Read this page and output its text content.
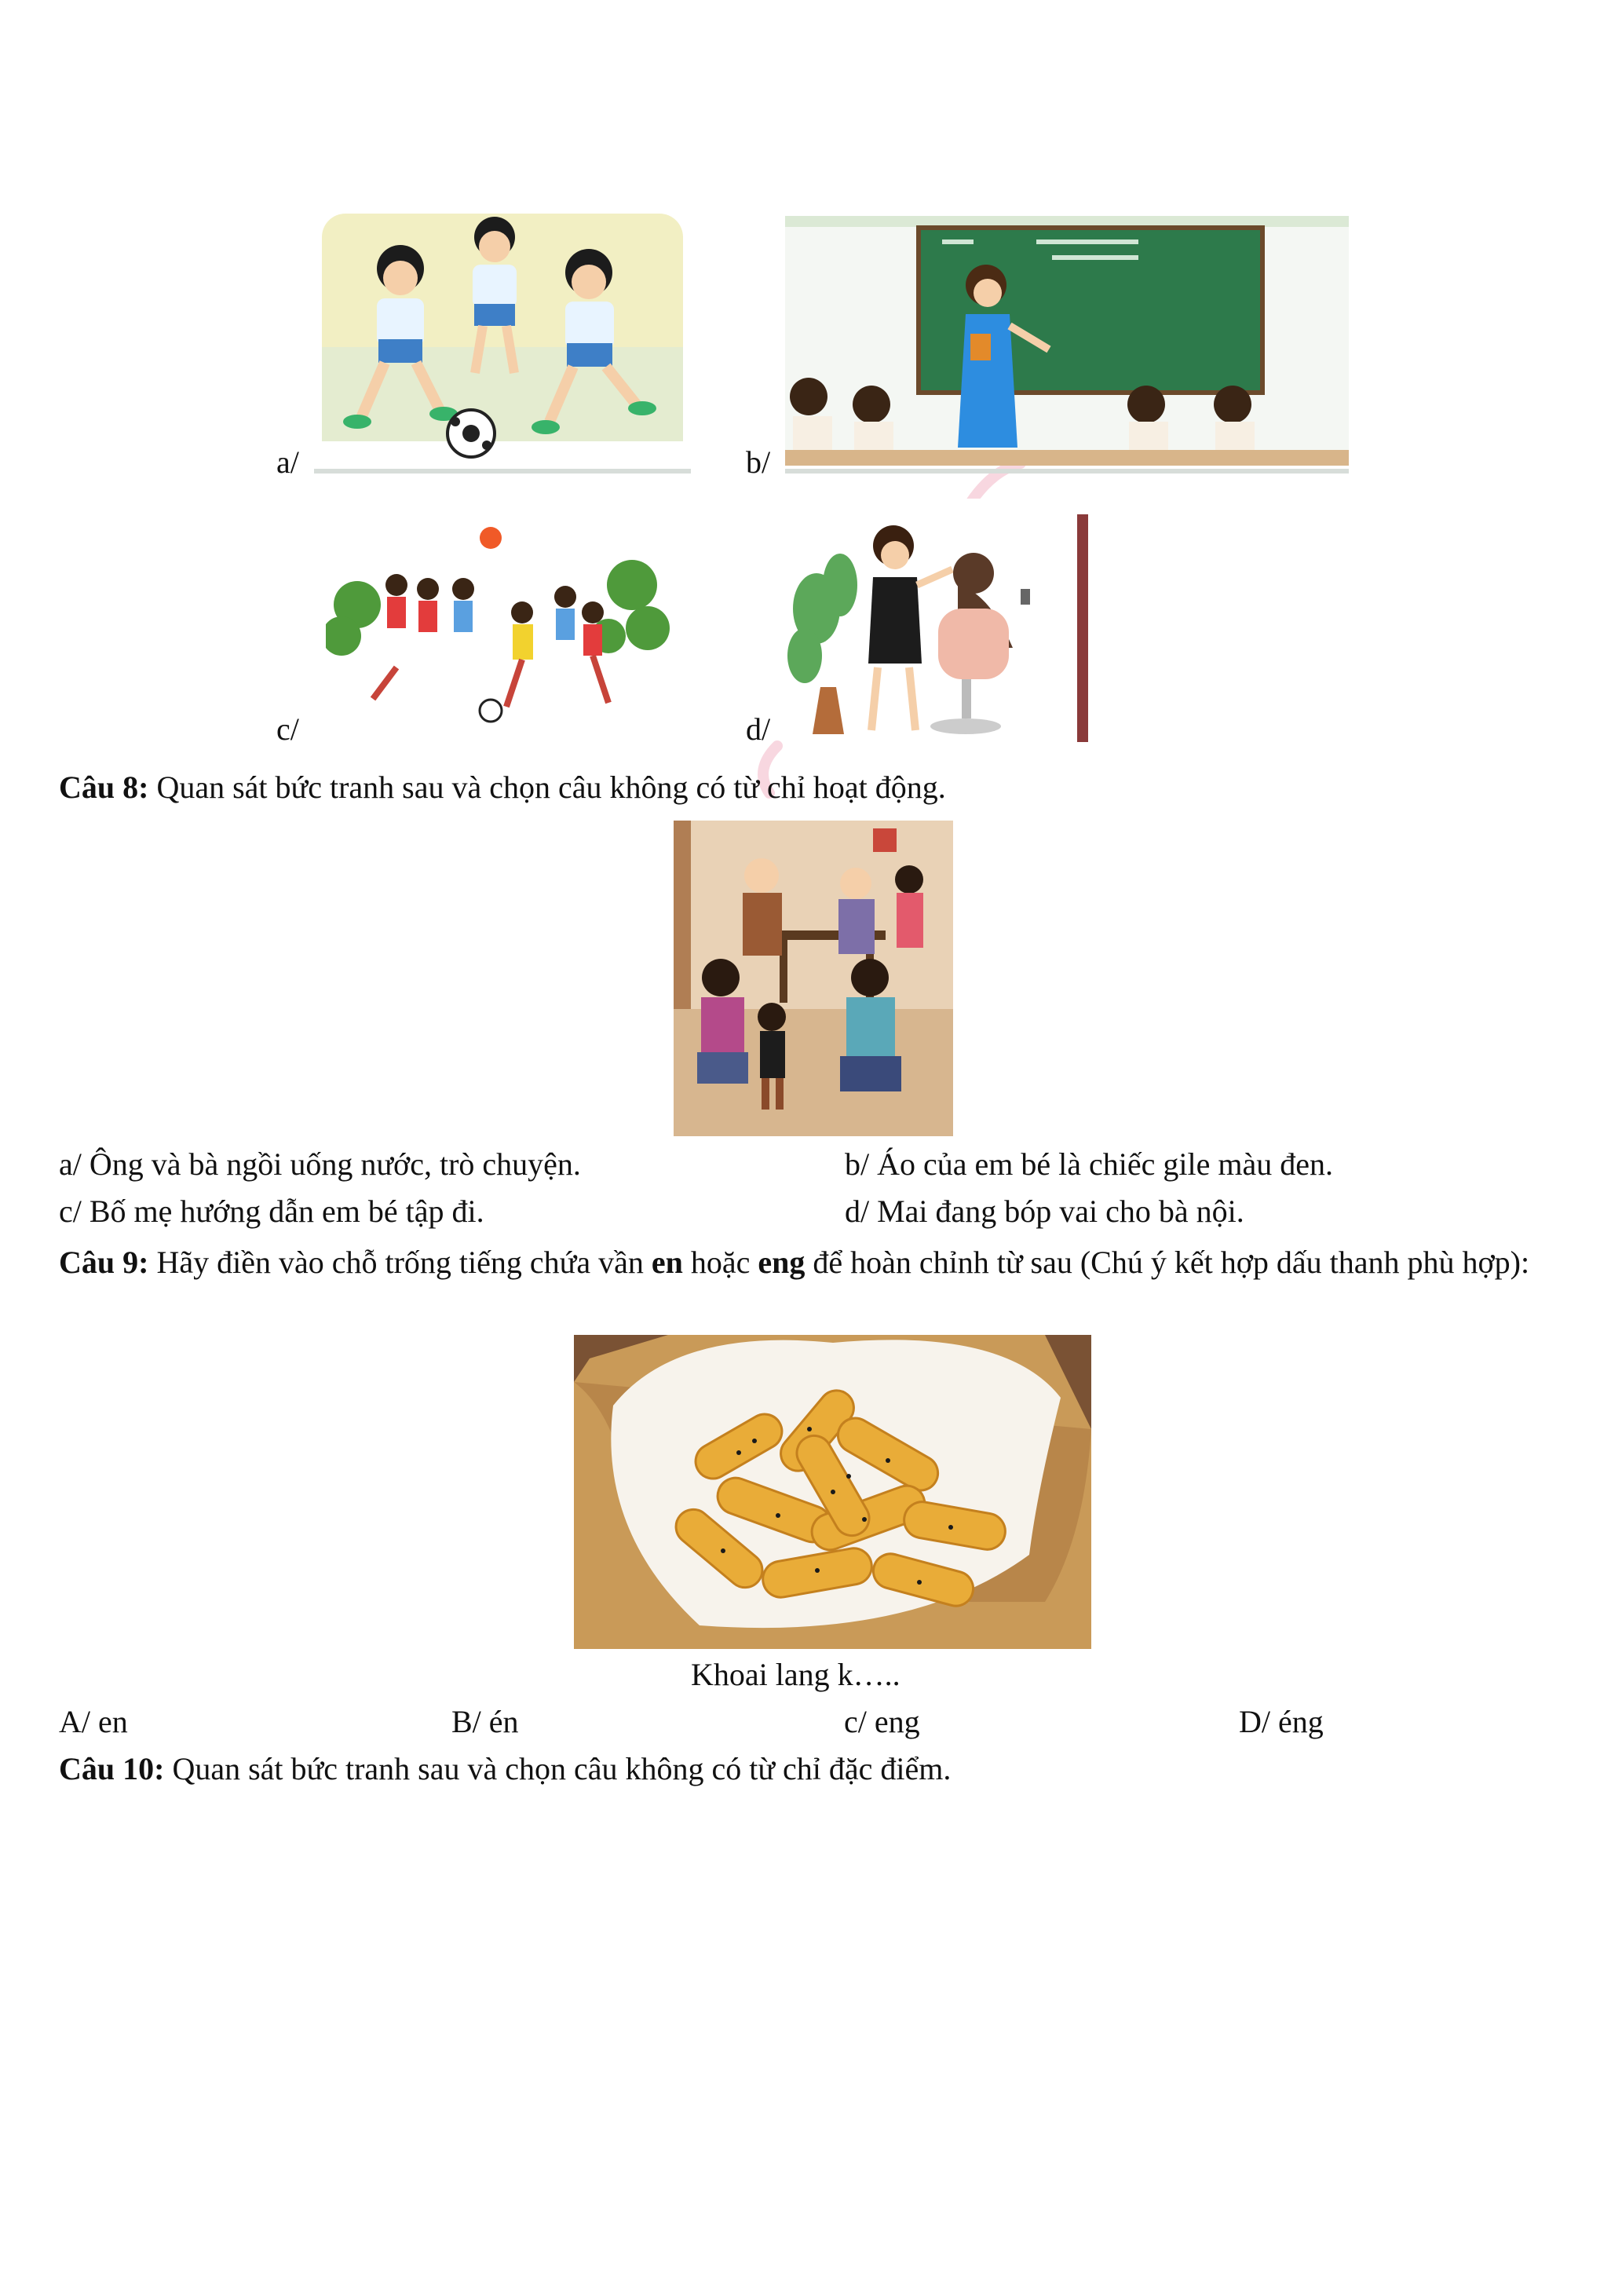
a/	b/
c/	d/
Câu 8: Quan sát bức tranh sau và chọn câu không có từ chỉ hoạt động.
a/ Ông và bà ngồi uống nước, trò chuyện.	b/ Áo của em bé là chiếc gile màu đen.
c/ Bố mẹ hướng dẫn em bé tập đi.	d/ Mai đang bóp vai cho bà nội.
Câu 9: Hãy điền vào chỗ trống tiếng chứa vần en hoặc eng để hoàn chỉnh từ sau (Chú ý kết hợp dấu thanh phù hợp):
Khoai lang k…..
A/ en	B/ én	c/ eng	D/ éng
Câu 10: Quan sát bức tranh sau và chọn câu không có từ chỉ đặc điểm.
